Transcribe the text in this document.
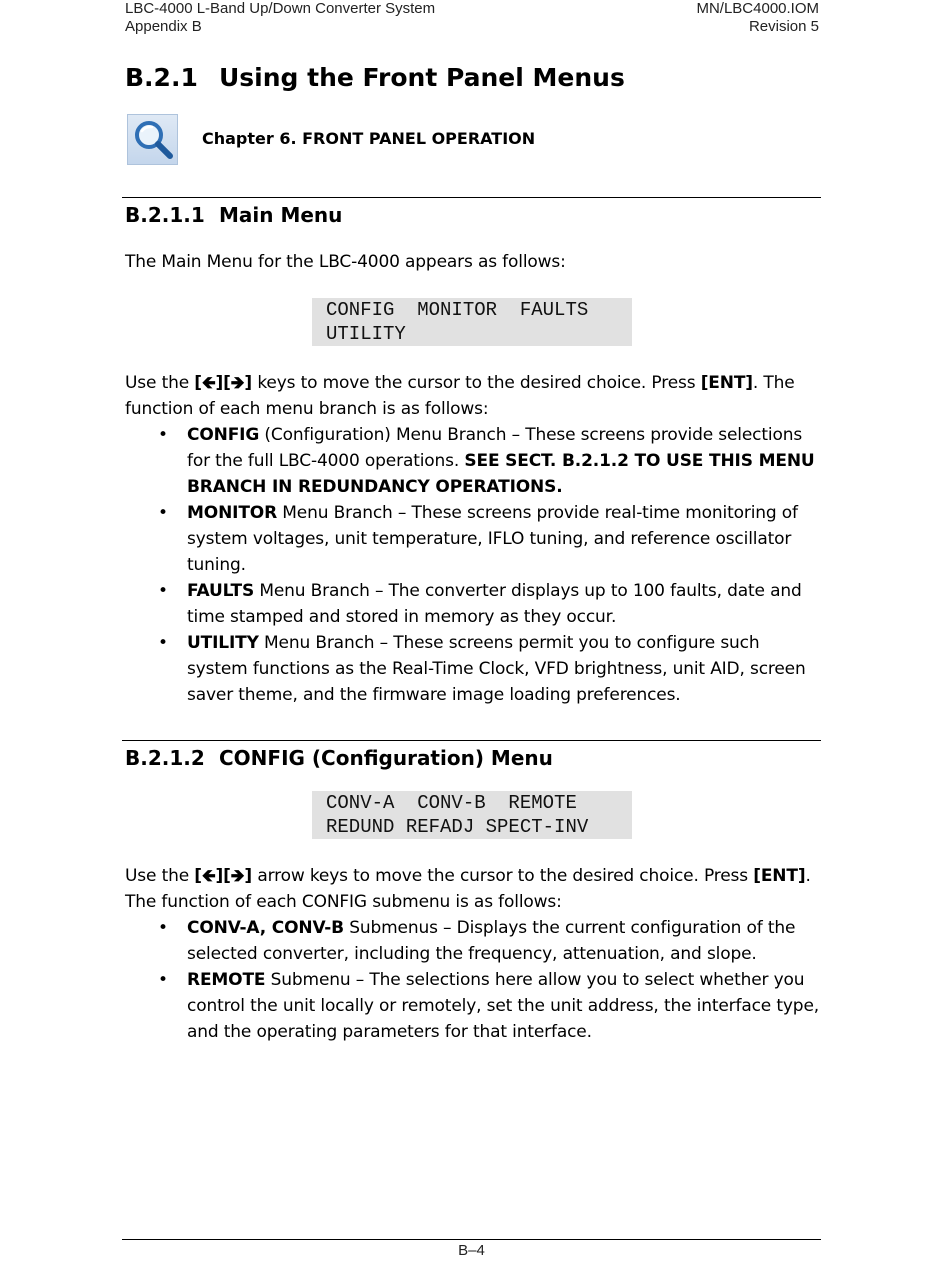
LBC-4000 L-Band Up/Down Converter System
Appendix B
MN/LBC4000.IOM
Revision 5
B.2.1 Using the Front Panel Menus
Chapter 6. FRONT PANEL OPERATION
B.2.1.1 Main Menu

The Main Menu for the LBC-4000 appears as follows:

CONFIG  MONITOR  FAULTS
UTILITY

Use the [🡸][🡺] keys to move the cursor to the desired choice. Press [ENT]. The function of each menu branch is as follows:

• CONFIG (Configuration) Menu Branch – These screens provide selections for the full LBC-4000 operations. SEE SECT. B.2.1.2 TO USE THIS MENU BRANCH IN REDUNDANCY OPERATIONS.
• MONITOR Menu Branch – These screens provide real-time monitoring of system voltages, unit temperature, IFLO tuning, and reference oscillator tuning.
• FAULTS Menu Branch – The converter displays up to 100 faults, date and time stamped and stored in memory as they occur.
• UTILITY Menu Branch – These screens permit you to configure such system functions as the Real-Time Clock, VFD brightness, unit AID, screen saver theme, and the firmware image loading preferences.
B.2.1.2 CONFIG (Configuration) Menu
CONV-A  CONV-B  REMOTE
REDUND REFADJ SPECT-INV

Use the [🡸][🡺] arrow keys to move the cursor to the desired choice. Press [ENT]. The function of each CONFIG submenu is as follows:

• CONV-A, CONV-B Submenus – Displays the current configuration of the selected converter, including the frequency, attenuation, and slope.
• REMOTE Submenu – The selections here allow you to select whether you control the unit locally or remotely, set the unit address, the interface type, and the operating parameters for that interface.
B–4
